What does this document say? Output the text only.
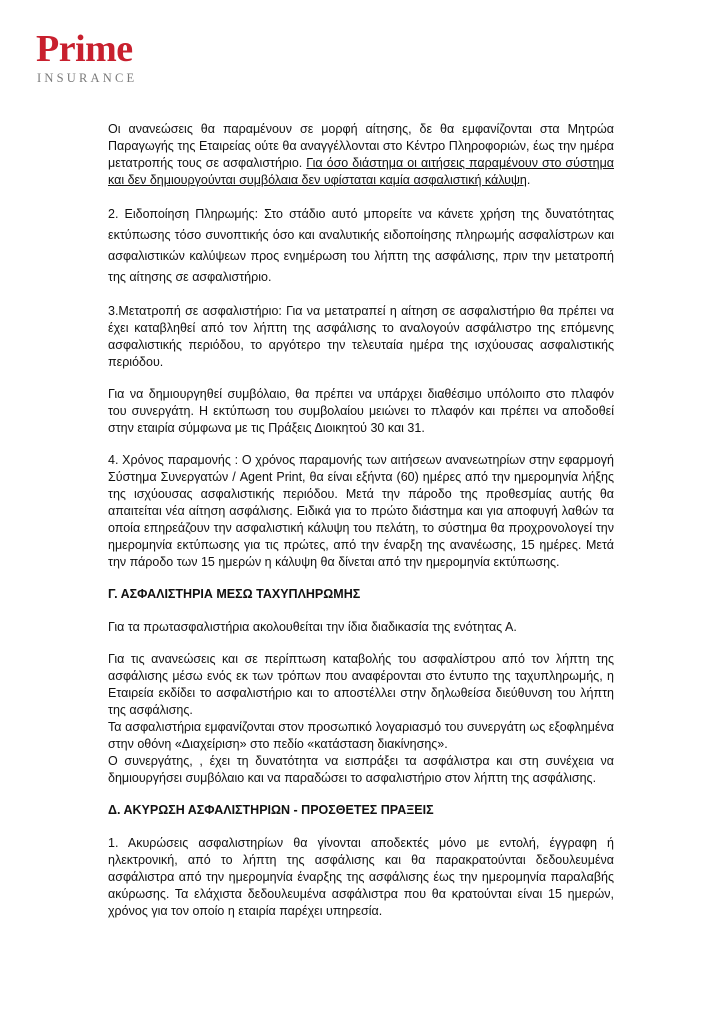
Prime
INSURANCE

Οι ανανεώσεις θα παραμένουν σε μορφή αίτησης, δε θα εμφανίζονται στα Μητρώα Παραγωγής της Εταιρείας ούτε θα αναγγέλλονται στο Κέντρο Πληροφοριών, έως την ημέρα μετατροπής τους σε ασφαλιστήριο. Για όσο διάστημα οι αιτήσεις παραμένουν στο σύστημα και δεν δημιουργούνται συμβόλαια δεν υφίσταται καμία ασφαλιστική κάλυψη.

2. Ειδοποίηση Πληρωμής: Στο στάδιο αυτό μπορείτε να κάνετε χρήση της δυνατότητας εκτύπωσης τόσο συνοπτικής όσο και αναλυτικής ειδοποίησης πληρωμής ασφαλίστρων και ασφαλιστικών καλύψεων προς ενημέρωση του λήπτη της ασφάλισης, πριν την μετατροπή της αίτησης σε ασφαλιστήριο.

3.Μετατροπή σε ασφαλιστήριο: Για να μετατραπεί η αίτηση σε ασφαλιστήριο θα πρέπει να έχει καταβληθεί από τον λήπτη της ασφάλισης το αναλογούν ασφάλιστρο της επόμενης ασφαλιστικής περιόδου, το αργότερο την τελευταία ημέρα της ισχύουσας ασφαλιστικής περιόδου.

Για να δημιουργηθεί συμβόλαιο, θα πρέπει να υπάρχει διαθέσιμο υπόλοιπο στο πλαφόν του συνεργάτη. Η εκτύπωση του συμβολαίου μειώνει το πλαφόν και πρέπει να αποδοθεί στην εταιρία σύμφωνα με τις Πράξεις Διοικητού 30 και 31.

4. Χρόνος παραμονής : Ο χρόνος παραμονής των αιτήσεων ανανεωτηρίων στην εφαρμογή Σύστημα Συνεργατών / Agent Print, θα είναι εξήντα (60) ημέρες από την ημερομηνία λήξης της ισχύουσας ασφαλιστικής περιόδου. Μετά την πάροδο της προθεσμίας αυτής θα απαιτείται νέα αίτηση ασφάλισης. Ειδικά για το πρώτο διάστημα και για αποφυγή λαθών τα οποία επηρεάζουν την ασφαλιστική κάλυψη του πελάτη, το σύστημα θα προχρονολογεί την ημερομηνία εκτύπωσης για τις πρώτες, από την έναρξη της ανανέωσης, 15 ημέρες. Μετά την πάροδο των 15 ημερών η κάλυψη θα δίνεται από την ημερομηνία εκτύπωσης.

Γ. ΑΣΦΑΛΙΣΤΗΡΙΑ ΜΕΣΩ ΤΑΧΥΠΛΗΡΩΜΗΣ

Για τα πρωτασφαλιστήρια ακολουθείται την ίδια διαδικασία της ενότητας Α.

Για τις ανανεώσεις και σε περίπτωση καταβολής του ασφαλίστρου από τον λήπτη της ασφάλισης μέσω ενός εκ των τρόπων που αναφέρονται στο έντυπο της ταχυπληρωμής, η Εταιρεία εκδίδει το ασφαλιστήριο και το αποστέλλει στην δηλωθείσα διεύθυνση του λήπτη της ασφάλισης.

Τα ασφαλιστήρια εμφανίζονται στον προσωπικό λογαριασμό του συνεργάτη ως εξοφλημένα στην οθόνη «Διαχείριση» στο πεδίο «κατάσταση διακίνησης».

Ο συνεργάτης, , έχει τη δυνατότητα να εισπράξει τα ασφάλιστρα και στη συνέχεια να δημιουργήσει συμβόλαιο και να παραδώσει το ασφαλιστήριο στον λήπτη της ασφάλισης.

Δ. ΑΚΥΡΩΣΗ ΑΣΦΑΛΙΣΤΗΡΙΩΝ - ΠΡΟΣΘΕΤΕΣ ΠΡΑΞΕΙΣ

1. Ακυρώσεις ασφαλιστηρίων θα γίνονται αποδεκτές μόνο με εντολή, έγγραφη ή ηλεκτρονική, από το λήπτη της ασφάλισης και θα παρακρατούνται δεδουλευμένα ασφάλιστρα από την ημερομηνία έναρξης της ασφάλισης έως την ημερομηνία παραλαβής ακύρωσης. Τα ελάχιστα δεδουλευμένα ασφάλιστρα που θα κρατούνται είναι 15 ημερών, χρόνος για τον οποίο η εταιρία παρέχει υπηρεσία.
